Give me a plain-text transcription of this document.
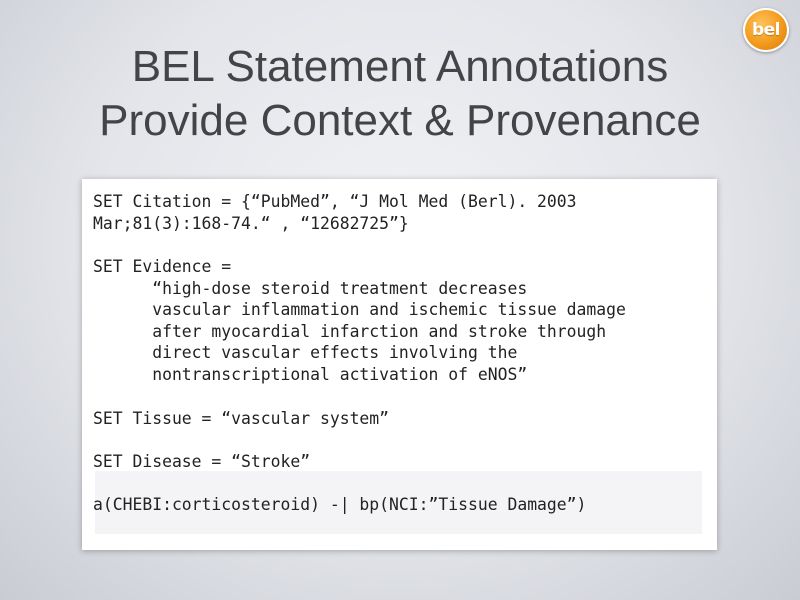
bel
BEL Statement Annotations
Provide Context & Provenance
SET Citation = {“PubMed”, “J Mol Med (Berl). 2003
Mar;81(3):168-74.“ , “12682725”}
SET Evidence =
“high-dose steroid treatment decreases
vascular inflammation and ischemic tissue damage
after myocardial infarction and stroke through
direct vascular effects involving the
nontranscriptional activation of eNOS”
SET Tissue = “vascular system”
SET Disease = “Stroke”
a(CHEBI:corticosteroid) -| bp(NCI:”Tissue Damage”)
